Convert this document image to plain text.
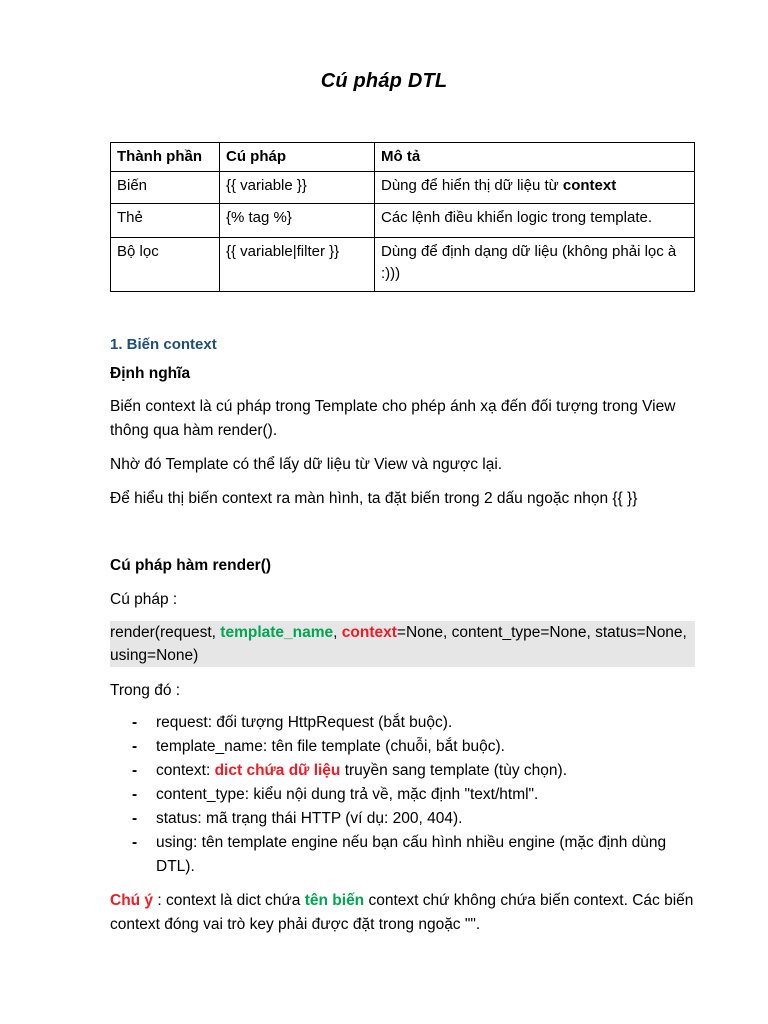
Cú pháp DTL
Thành phần	Cú pháp	Mô tả
Biến	{{ variable }}	Dùng để hiển thị dữ liệu từ context
Thẻ	{% tag %}	Các lệnh điều khiển logic trong template.
Bộ lọc	{{ variable|filter }}	Dùng để định dạng dữ liệu (không phải lọc à :)))
1. Biến context
Định nghĩa
Biến context là cú pháp trong Template cho phép ánh xạ đến đối tượng trong View thông qua hàm render().
Nhờ đó Template có thể lấy dữ liệu từ View và ngược lại.
Để hiểu thị biến context ra màn hình, ta đặt biến trong 2 dấu ngoặc nhọn {{ }}
Cú pháp hàm render()
Cú pháp :
render(request, template_name, context=None, content_type=None, status=None, using=None)
Trong đó :
- request: đối tượng HttpRequest (bắt buộc).
- template_name: tên file template (chuỗi, bắt buộc).
- context: dict chứa dữ liệu truyền sang template (tùy chọn).
- content_type: kiểu nội dung trả về, mặc định "text/html".
- status: mã trạng thái HTTP (ví dụ: 200, 404).
- using: tên template engine nếu bạn cấu hình nhiều engine (mặc định dùng DTL).
Chú ý : context là dict chứa tên biến context chứ không chứa biến context. Các biến context đóng vai trò key phải được đặt trong ngoặc "".
